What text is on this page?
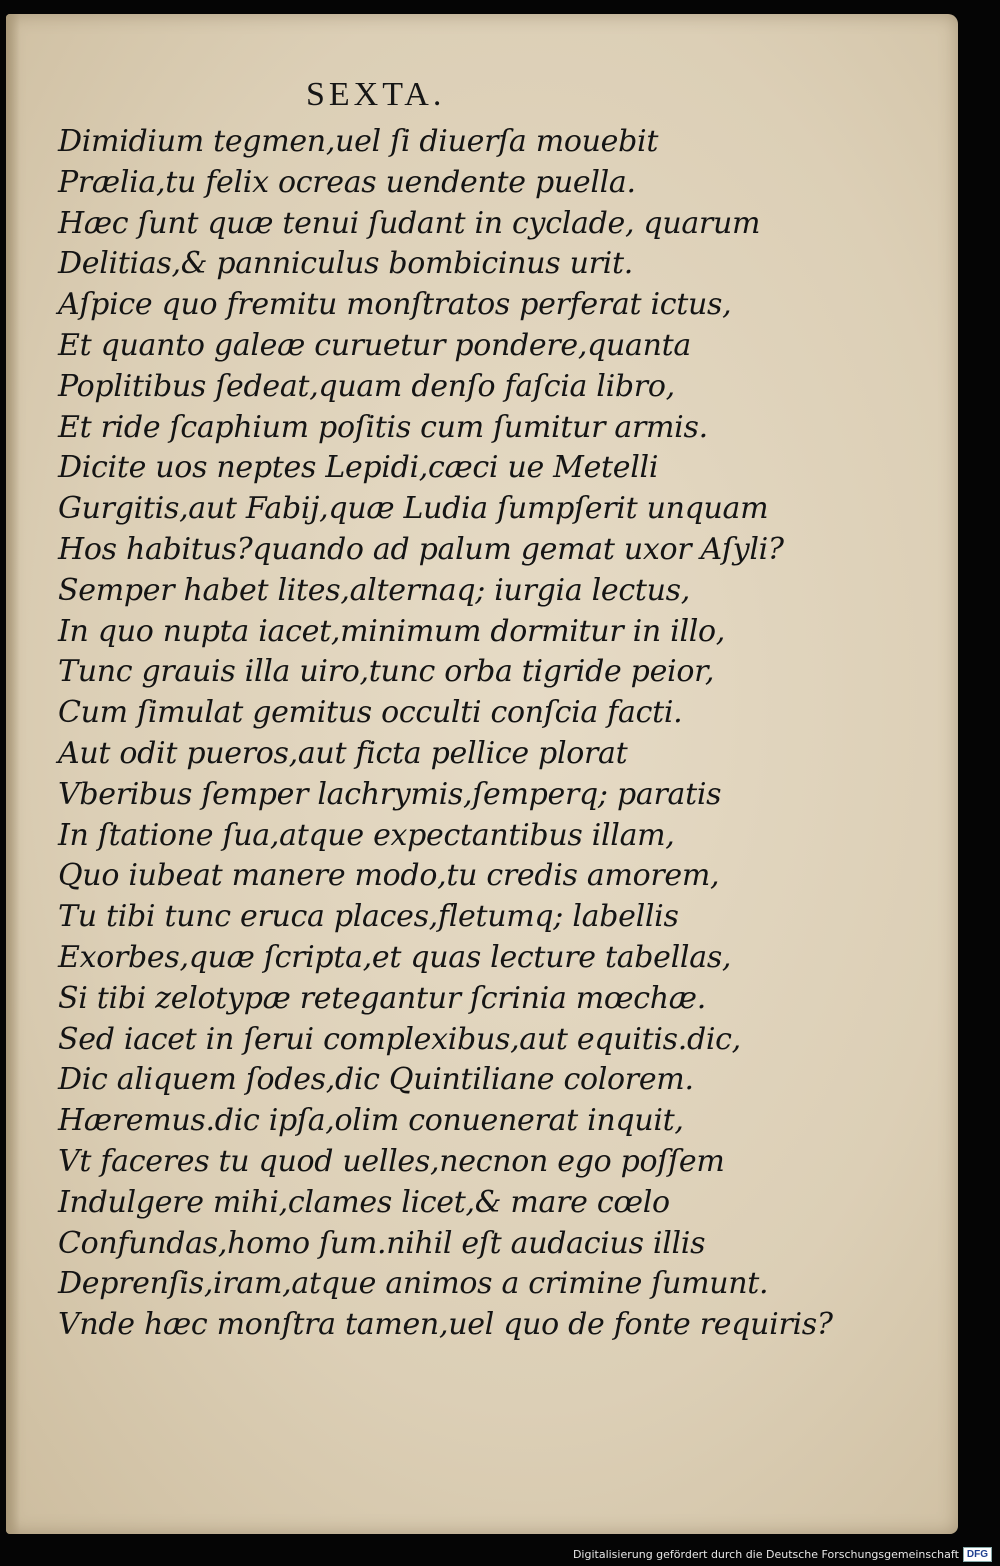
SEXTA.
Dimidium tegmen,uel ſi diuerſa mouebit
Prælia,tu felix ocreas uendente puella.
Hæc ſunt quæ tenui ſudant in cyclade, quarum
Delitias,& panniculus bombicinus urit.
Aſpice quo fremitu monſtratos perferat ictus,
Et quanto galeæ curuetur pondere,quanta
Poplitibus ſedeat,quam denſo faſcia libro,
Et ride ſcaphium poſitis cum ſumitur armis.
Dicite uos neptes Lepidi,cæci ue Metelli
Gurgitis,aut Fabij,quæ Ludia ſumpſerit unquam
Hos habitus?quando ad palum gemat uxor Aſyli?
Semper habet lites,alternaq; iurgia lectus,
In quo nupta iacet,minimum dormitur in illo,
Tunc grauis illa uiro,tunc orba tigride peior,
Cum ſimulat gemitus occulti conſcia facti.
Aut odit pueros,aut ficta pellice plorat
Vberibus ſemper lachrymis,ſemperq; paratis
In ſtatione ſua,atque expectantibus illam,
Quo iubeat manere modo,tu credis amorem,
Tu tibi tunc eruca places,fletumq; labellis
Exorbes,quæ ſcripta,et quas lecture tabellas,
Si tibi zelotypæ retegantur ſcrinia mœchæ.
Sed iacet in ſerui complexibus,aut equitis.dic,
Dic aliquem ſodes,dic Quintiliane colorem.
Hæremus.dic ipſa,olim conuenerat inquit,
Vt faceres tu quod uelles,necnon ego poſſem
Indulgere mihi,clames licet,& mare cœlo
Confundas,homo ſum.nihil eſt audacius illis
Deprenſis,iram,atque animos a crimine ſumunt.
Vnde hæc monſtra tamen,uel quo de fonte requiris?
Digitalisierung gefördert durch die Deutsche Forschungsgemeinschaft DFG
